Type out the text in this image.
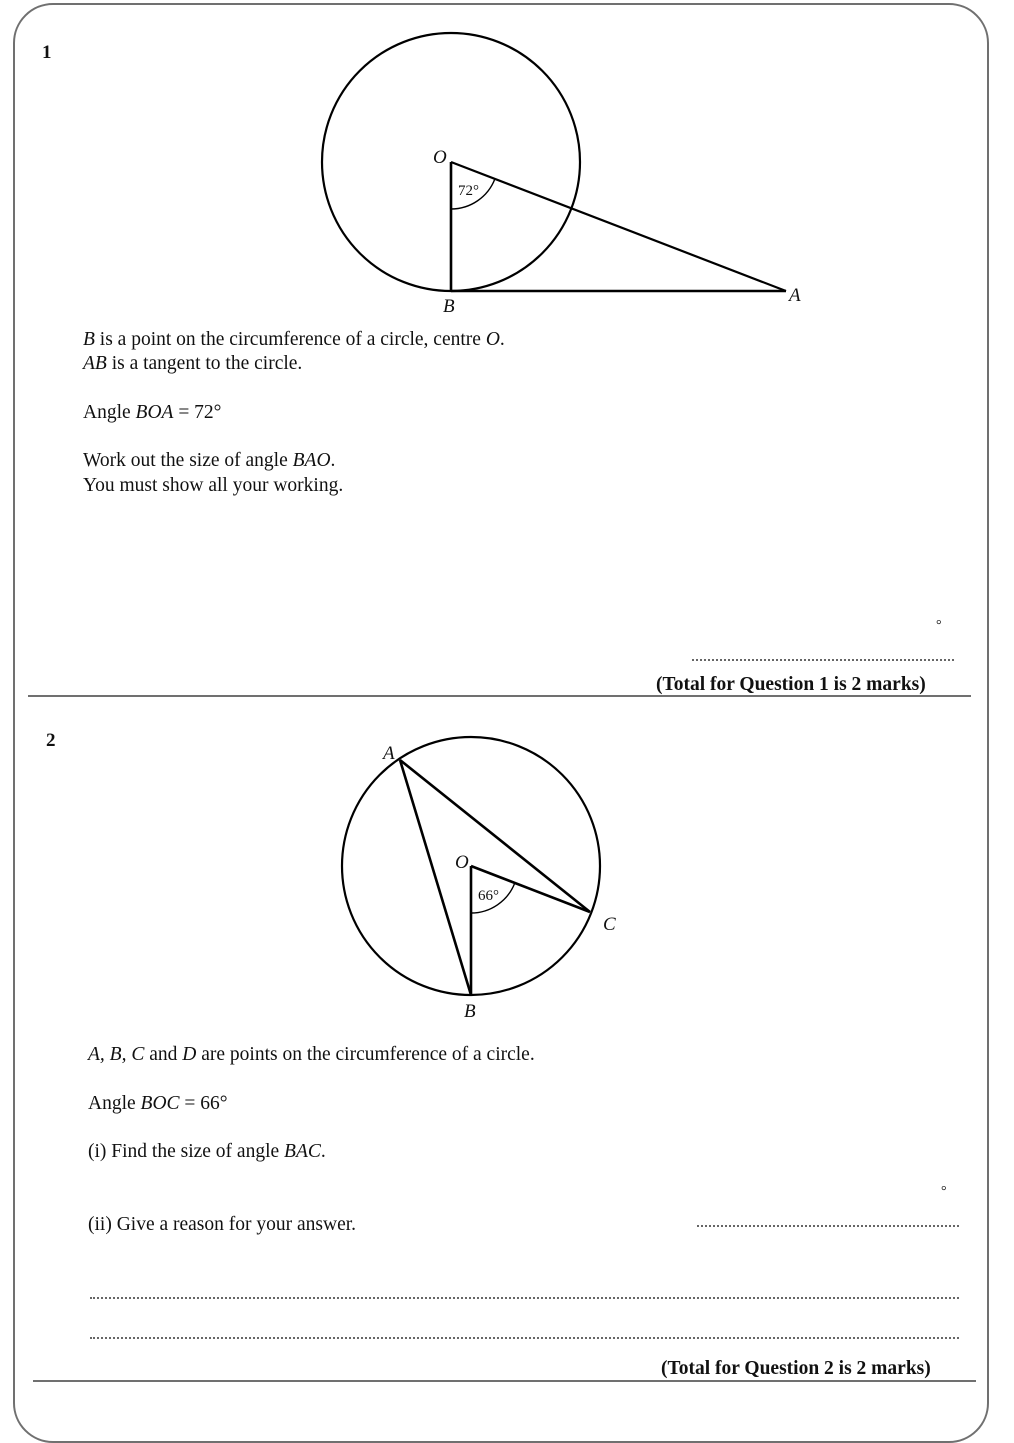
1
O
B
A
72°
A
O
B
C
66°
B is a point on the circumference of a circle, centre O.
AB is a tangent to the circle.
Angle BOA = 72°
Work out the size of angle BAO.
You must show all your working.
°
(Total for Question 1 is 2 marks)
2
A, B, C and D are points on the circumference of a circle.
Angle BOC = 66°
(i) Find the size of angle BAC.
°
(ii) Give a reason for your answer.
(Total for Question 2 is 2 marks)
